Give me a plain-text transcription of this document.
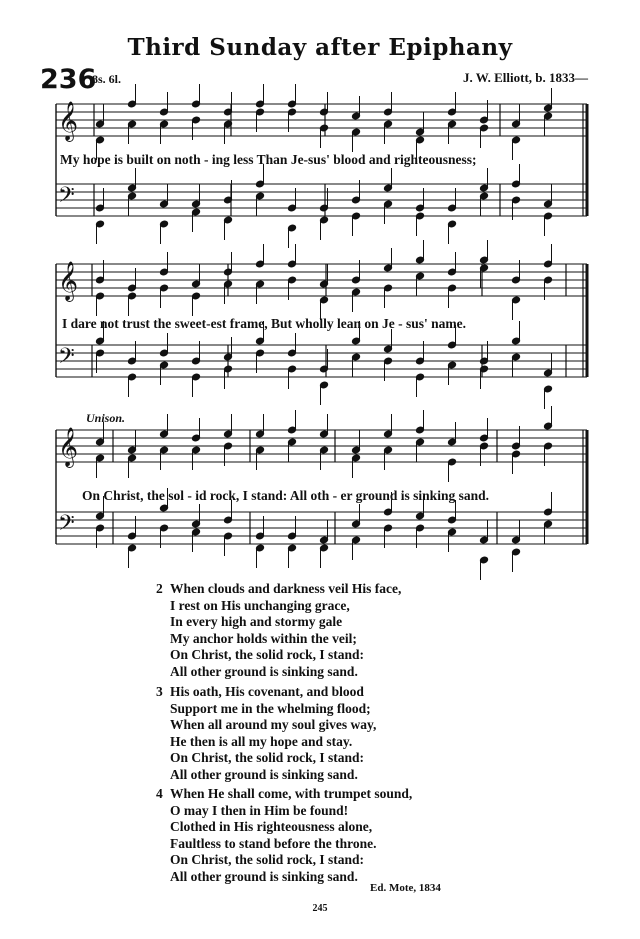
Third Sunday after Epiphany
236
8s. 6l.	J. W. Elliott, b. 1833—
𝄞
𝄢
𝄞
𝄢
𝄞
𝄢
My hope is built on noth - ing less Than Je-sus' blood and righteousness;
I dare not trust the sweet-est frame, But wholly lean on Je - sus' name.
Unison.
On Christ, the sol - id rock, I stand: All oth - er ground is sinking sand.
2 When clouds and darkness veil His face,
I rest on His unchanging grace,
In every high and stormy gale
My anchor holds within the veil;
On Christ, the solid rock, I stand:
All other ground is sinking sand.
3 His oath, His covenant, and blood
Support me in the whelming flood;
When all around my soul gives way,
He then is all my hope and stay.
On Christ, the solid rock, I stand:
All other ground is sinking sand.
4 When He shall come, with trumpet sound,
O may I then in Him be found!
Clothed in His righteousness alone,
Faultless to stand before the throne.
On Christ, the solid rock, I stand:
All other ground is sinking sand.
Ed. Mote, 1834
245
